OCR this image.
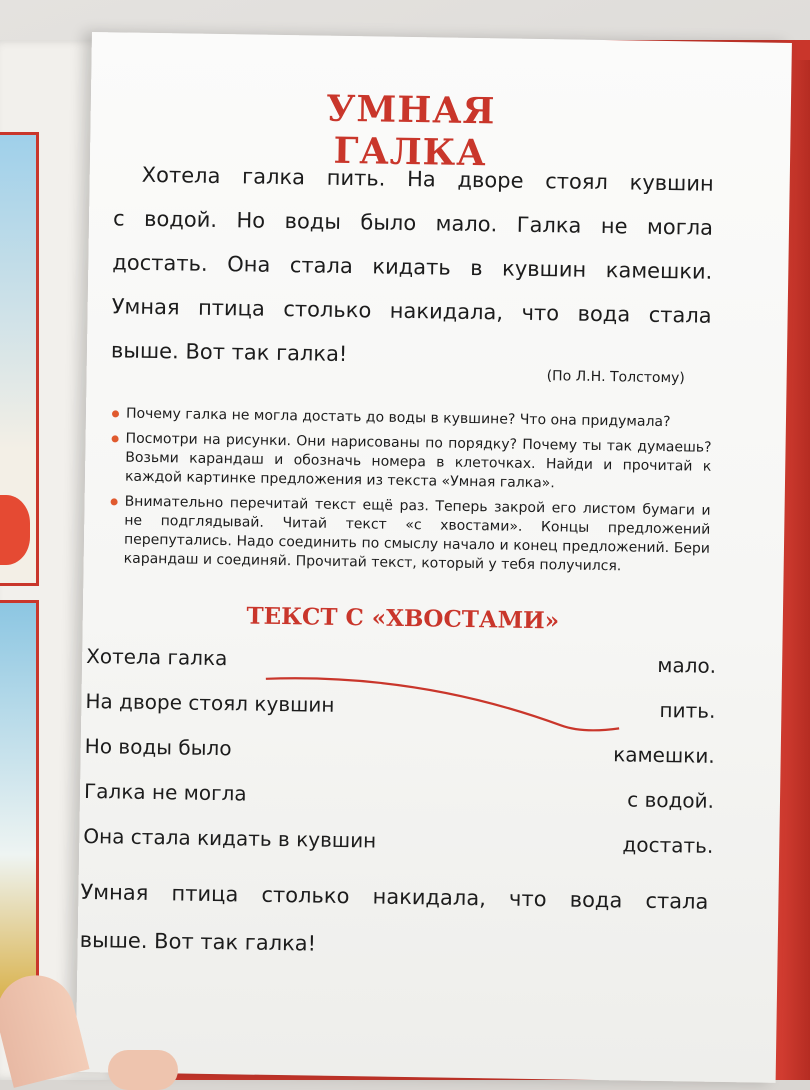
УМНАЯ ГАЛКА

Хотела галка пить. На дворе стоял кувшин

с водой. Но воды было мало. Галка не могла

достать. Она стала кидать в кувшин камешки.

Умная птица столько накидала, что вода стала

выше. Вот так галка!

(По Л.Н. Толстому)
Почему галка не могла достать до воды в кувшине? Что она придумала?
Посмотри на рисунки. Они нарисованы по порядку? Почему ты так думаешь? Возьми карандаш и обозначь номера в клеточках. Найди и прочитай к каждой картинке предложения из текста «Умная галка».
Внимательно перечитай текст ещё раз. Теперь закрой его листом бумаги и не подглядывай. Читай текст «с хвостами». Концы предложений перепутались. Надо соединить по смыслу начало и конец предложений. Бери карандаш и соединяй. Прочитай текст, который у тебя получился.
ТЕКСТ С «ХВОСТАМИ»
Хотела галка	мало.
На дворе стоял кувшин	пить.
Но воды было	камешки.
Галка не могла	с водой.
Она стала кидать в кувшин	достать.

Умная птица столько накидала, что вода стала

выше. Вот так галка!
